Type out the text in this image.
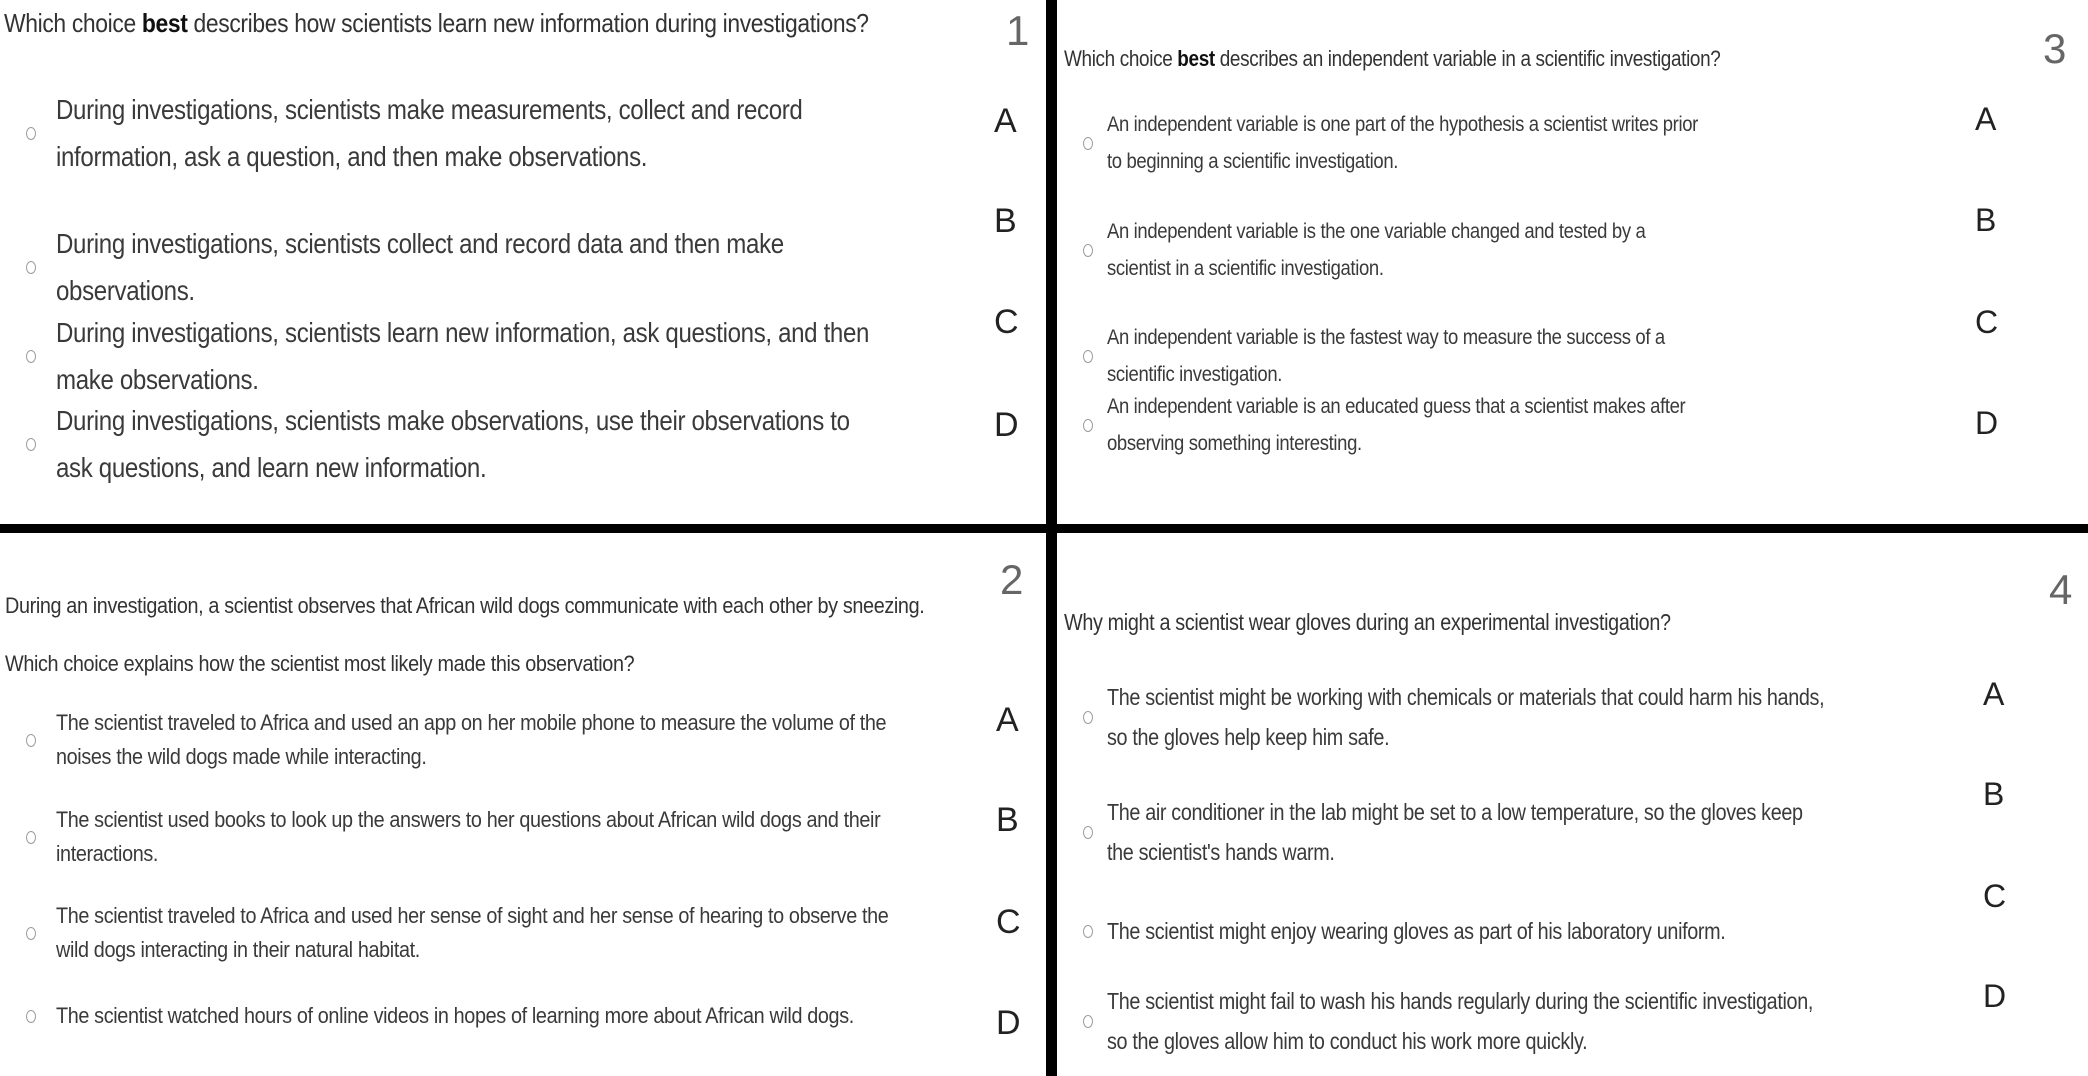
Which choice best describes how scientists learn new information during investigations?	1
During investigations, scientists make measurements, collect and record information, ask a question, and then make observations.
A
During investigations, scientists collect and record data and then make observations.
B
During investigations, scientists learn new information, ask questions, and then make observations.
C
During investigations, scientists make observations, use their observations to ask questions, and learn new information.
D
Which choice best describes an independent variable in a scientific investigation?	3
An independent variable is one part of the hypothesis a scientist writes prior to beginning a scientific investigation.
A
An independent variable is the one variable changed and tested by a scientist in a scientific investigation.
B
An independent variable is the fastest way to measure the success of a scientific investigation.
C
An independent variable is an educated guess that a scientist makes after observing something interesting.
D
2
During an investigation, a scientist observes that African wild dogs communicate with each other by sneezing.
Which choice explains how the scientist most likely made this observation?
The scientist traveled to Africa and used an app on her mobile phone to measure the volume of the noises the wild dogs made while interacting.
A
The scientist used books to look up the answers to her questions about African wild dogs and their interactions.
B
The scientist traveled to Africa and used her sense of sight and her sense of hearing to observe the wild dogs interacting in their natural habitat.
C
The scientist watched hours of online videos in hopes of learning more about African wild dogs.	D
4
Why might a scientist wear gloves during an experimental investigation?
The scientist might be working with chemicals or materials that could harm his hands, so the gloves help keep him safe.
A
The air conditioner in the lab might be set to a low temperature, so the gloves keep the scientist's hands warm.
B
The scientist might enjoy wearing gloves as part of his laboratory uniform.
C
The scientist might fail to wash his hands regularly during the scientific investigation, so the gloves allow him to conduct his work more quickly.
D
